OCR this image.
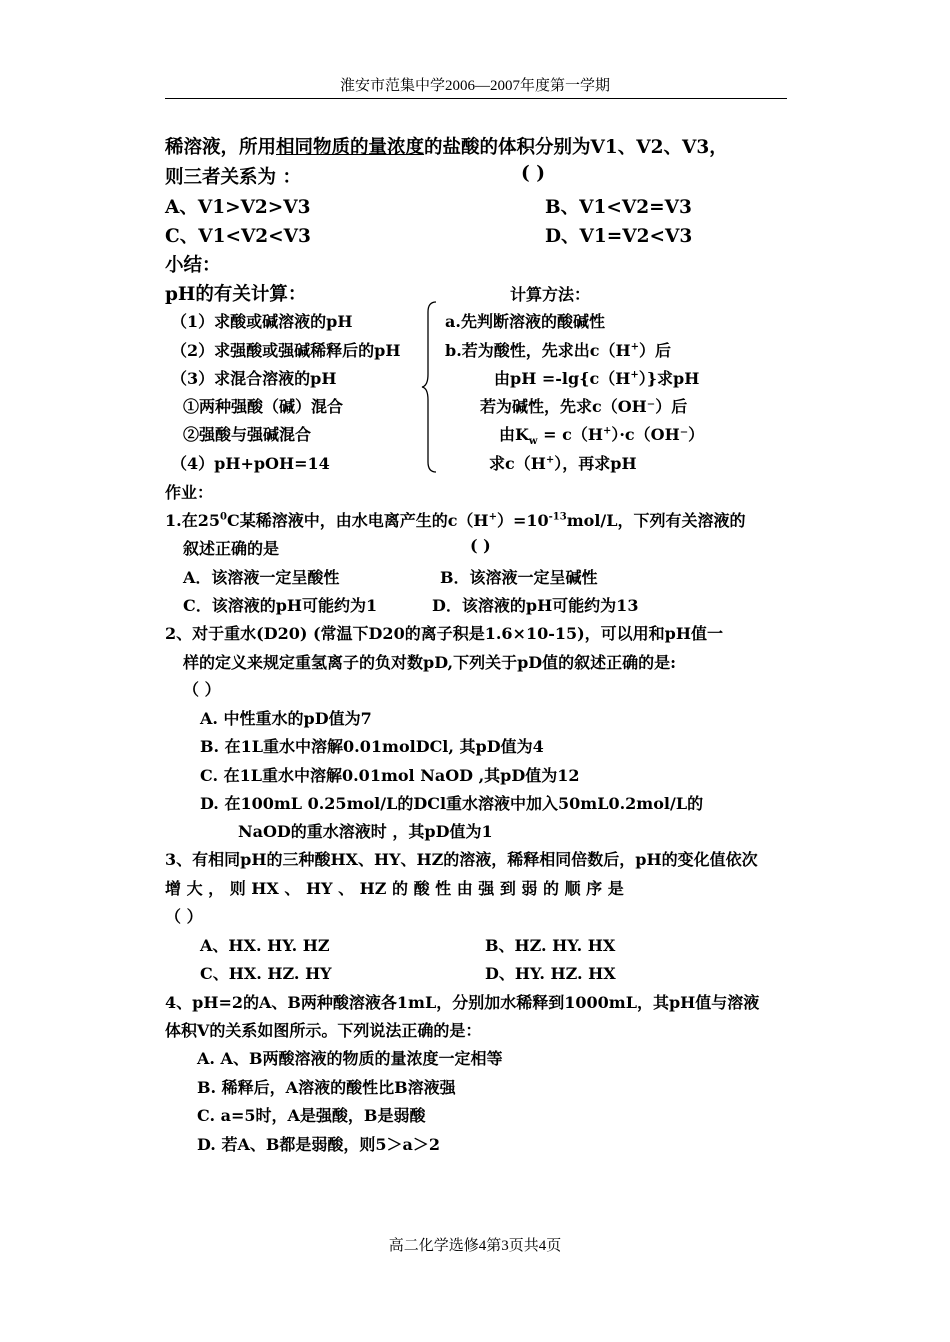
淮安市范集中学2006—2007年度第一学期
稀溶液，所用相同物质的量浓度的盐酸的体积分别为V1、V2、V3，
则三者关系为 ：	( )
A、V1>V2>V3	B、V1<V2=V3
C、V1<V2<V3	D、V1=V2<V3
小结：
pH的有关计算：	计算方法：
（1）求酸或碱溶液的pH
（2）求强酸或强碱稀释后的pH
（3）求混合溶液的pH
①两种强酸（碱）混合
②强酸与强碱混合
（4）pH+pOH=14
a.先判断溶液的酸碱性
b.若为酸性，先求出c（H+）后
由pH =-lg{c（H+）}求pH
若为碱性，先求c（OH⁻）后
由$K_w = c(H^+)\cdot c(OH^-)$
求c（H+），再求pH
作业：
1.在$25^0C$某稀溶液中，由水电离产生的$c(H^+)=10^{-13}mol/L$，下列有关溶液的
叙述正确的是	( )
A．该溶液一定呈酸性	B．该溶液一定呈碱性
C．该溶液的pH可能约为1	D．该溶液的pH可能约为13
2、对于重水(D20) (常温下D20的离子积是1.6×10-15)，可以用和pH值一
样的定义来规定重氢离子的负对数pD,下列关于pD值的叙述正确的是:
（ ）
A. 中性重水的pD值为7
B. 在1L重水中溶解0.01molDCl, 其pD值为4
C. 在1L重水中溶解0.01mol NaOD ,其pD值为12
D. 在100mL 0.25mol/L的DCl重水溶液中加入50mL0.2mol/L的
NaOD的重水溶液时 ，其pD值为1
3、有相同pH的三种酸HX、HY、HZ的溶液，稀释相同倍数后，pH的变化值依次
增 大 ， 则 HX 、 HY 、 HZ 的 酸 性 由 强 到 弱 的 顺 序 是
（ ）
A、HX. HY. HZ	B、HZ. HY. HX
C、HX. HZ. HY	D、HY. HZ. HX
4、pH=2的A、B两种酸溶液各1mL，分别加水稀释到1000mL，其pH值与溶液
体积V的关系如图所示。下列说法正确的是：
A. A、B两酸溶液的物质的量浓度一定相等
B. 稀释后，A溶液的酸性比B溶液强
C. a=5时，A是强酸，B是弱酸
D. 若A、B都是弱酸，则5＞a＞2
高二化学选修4第3页共4页
